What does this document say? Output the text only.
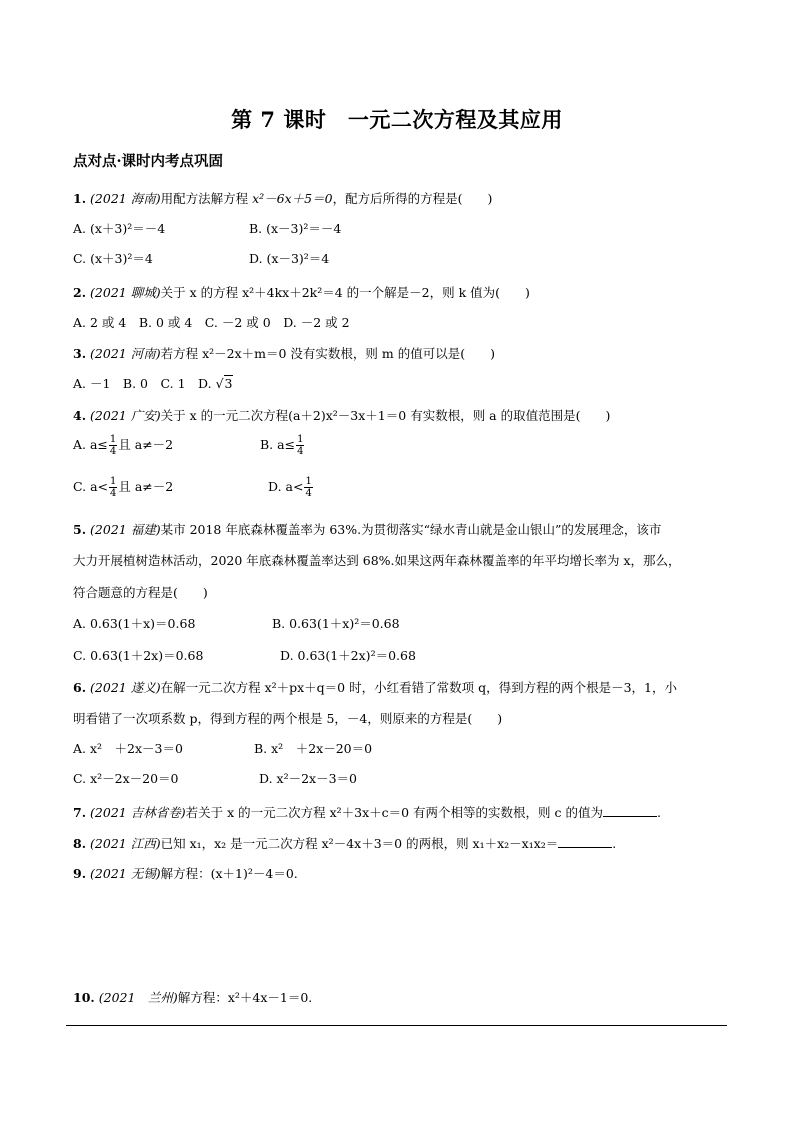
第 7 课时　一元二次方程及其应用
点对点·课时内考点巩固
1. (2021 海南)用配方法解方程 x²－6x＋5＝0，配方后所得的方程是(　　)
A. (x＋3)²＝－4	B. (x－3)²＝－4
C. (x＋3)²＝4	D. (x－3)²＝4
2. (2021 聊城)关于 x 的方程 x²＋4kx＋2k²＝4 的一个解是－2，则 k 值为(　　)
A. 2 或 4　B. 0 或 4　C. －2 或 0　D. －2 或 2
3. (2021 河南)若方程 x²－2x＋m＝0 没有实数根，则 m 的值可以是(　　)
A. －1　B. 0　C. 1　D. √3
4. (2021 广安)关于 x 的一元二次方程(a＋2)x²－3x＋1＝0 有实数根，则 a 的取值范围是(　　)
A. $a\le \frac{1}{4}$ 且 a≠－2	B. $a\le \frac{1}{4}$
C. $a< \frac{1}{4}$ 且 a≠－2	D. $a< \frac{1}{4}$
5. (2021 福建)某市 2018 年底森林覆盖率为 63%.为贯彻落实“绿水青山就是金山银山”的发展理念，该市
大力开展植树造林活动，2020 年底森林覆盖率达到 68%.如果这两年森林覆盖率的年平均增长率为 x，那么，
符合题意的方程是(　　)
A. 0.63(1＋x)＝0.68	B. 0.63(1＋x)²＝0.68
C. 0.63(1＋2x)＝0.68	D. 0.63(1＋2x)²＝0.68
6. (2021 遂义)在解一元二次方程 x²＋px＋q＝0 时，小红看错了常数项 q，得到方程的两个根是－3，1，小
明看错了一次项系数 p，得到方程的两个根是 5，－4，则原来的方程是(　　)
A. x²　＋2x－3＝0	B. x²　＋2x－20＝0
C. x²－2x－20＝0	D. x²－2x－3＝0
7. (2021 吉林省卷)若关于 x 的一元二次方程 x²＋3x＋c＝0 有两个相等的实数根，则 c 的值为	.
8. (2021 江西)已知 x₁，x₂ 是一元二次方程 x²－4x＋3＝0 的两根，则 x₁＋x₂－x₁x₂＝	.
9. (2021 无锡)解方程：(x＋1)²－4＝0.
10. (2021　兰州)解方程：x²＋4x－1＝0.
